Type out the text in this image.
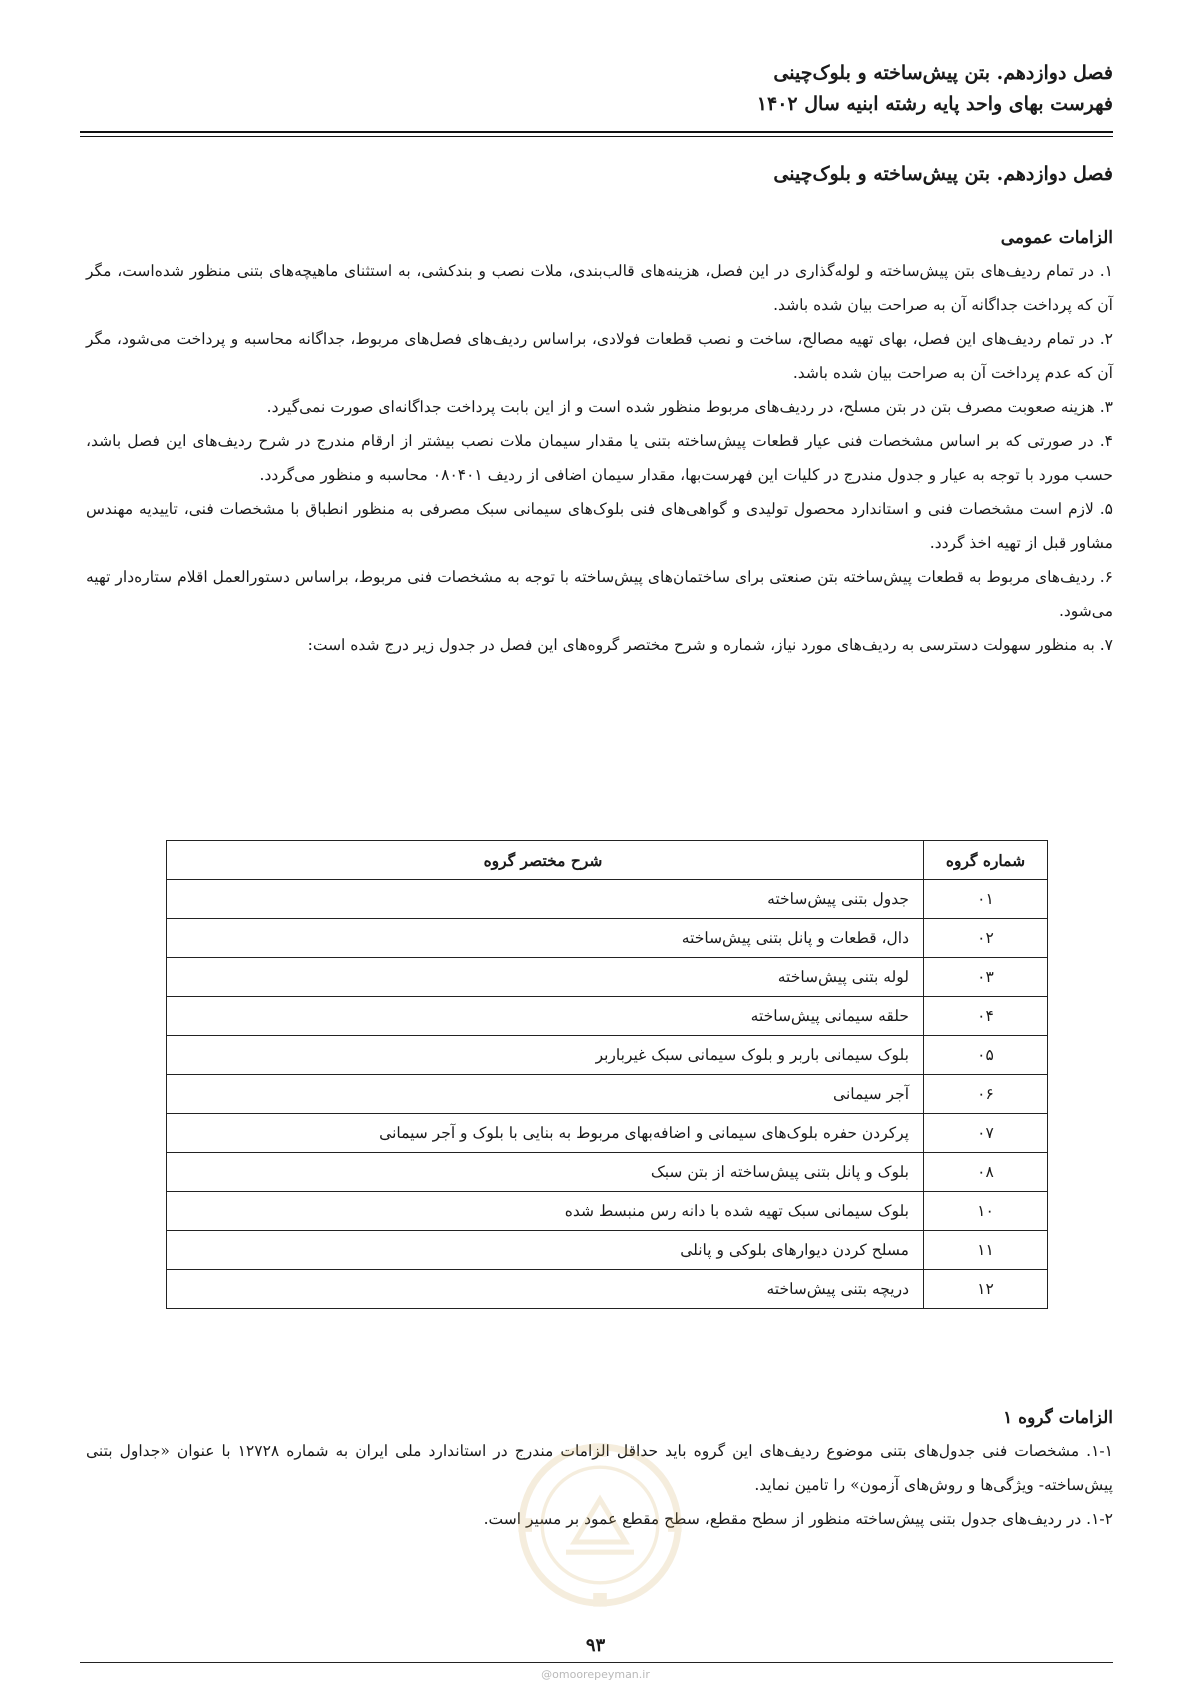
فصل دوازدهم. بتن پیش‌ساخته و بلوک‌چینی
فهرست بهای واحد پایه رشته ابنیه سال ۱۴۰۲
فصل دوازدهم. بتن پیش‌ساخته و بلوک‌چینی
الزامات عمومی

۱. در تمام ردیف‌های بتن پیش‌ساخته و لوله‌گذاری در این فصل، هزینه‌های قالب‌بندی، ملات نصب و بندکشی، به استثنای ماهیچه‌های بتنی منظور شده‌است، مگر آن که پرداخت جداگانه آن به صراحت بیان شده باشد.

۲. در تمام ردیف‌های این فصل، بهای تهیه مصالح، ساخت و نصب قطعات فولادی، براساس ردیف‌های فصل‌های مربوط، جداگانه محاسبه و پرداخت می‌شود، مگر آن که عدم پرداخت آن به صراحت بیان شده باشد.

۳. هزینه صعوبت مصرف بتن در بتن مسلح، در ردیف‌های مربوط منظور شده است و از این بابت پرداخت جداگانه‌ای صورت نمی‌گیرد.

۴. در صورتی که بر اساس مشخصات فنی عیار قطعات پیش‌ساخته بتنی یا مقدار سیمان ملات نصب بیشتر از ارقام مندرج در شرح ردیف‌های این فصل باشد، حسب مورد با توجه به عیار و جدول مندرج در کلیات این فهرست‌بها، مقدار سیمان اضافی از ردیف ۰۸۰۴۰۱ محاسبه و منظور می‌گردد.

۵. لازم است مشخصات فنی و استاندارد محصول تولیدی و گواهی‌های فنی بلوک‌های سیمانی سبک مصرفی به منظور انطباق با مشخصات فنی، تاییدیه مهندس مشاور قبل از تهیه اخذ گردد.

۶. ردیف‌های مربوط به قطعات پیش‌ساخته بتن صنعتی برای ساختمان‌های پیش‌ساخته با توجه به مشخصات فنی مربوط، براساس دستورالعمل اقلام ستاره‌دار تهیه می‌شود.

۷. به منظور سهولت دسترسی به ردیف‌های مورد نیاز، شماره و شرح مختصر گروه‌های این فصل در جدول زیر درج شده است:

شماره گروه	شرح مختصر گروه
۰۱	جدول بتنی پیش‌ساخته
۰۲	دال، قطعات و پانل بتنی پیش‌ساخته
۰۳	لوله بتنی پیش‌ساخته
۰۴	حلقه سیمانی پیش‌ساخته
۰۵	بلوک سیمانی باربر و بلوک سیمانی سبک غیرباربر
۰۶	آجر سیمانی
۰۷	پرکردن حفره بلوک‌های سیمانی و اضافه‌بهای مربوط به بنایی با بلوک و آجر سیمانی
۰۸	بلوک و پانل بتنی پیش‌ساخته از بتن سبک
۱۰	بلوک سیمانی سبک تهیه شده با دانه رس منبسط شده
۱۱	مسلح کردن دیوارهای بلوکی و پانلی
۱۲	دریچه بتنی پیش‌ساخته
الزامات گروه ۱

۱-۱. مشخصات فنی جدول‌های بتنی موضوع ردیف‌های این گروه باید حداقل الزامات مندرج در استاندارد ملی ایران به شماره ۱۲۷۲۸ با عنوان «جداول بتنی پیش‌ساخته- ویژگی‌ها و روش‌های آزمون» را تامین نماید.

۱-۲. در ردیف‌های جدول بتنی پیش‌ساخته منظور از سطح مقطع، سطح مقطع عمود بر مسیر است.

۹۳
@omoorepeyman.ir
